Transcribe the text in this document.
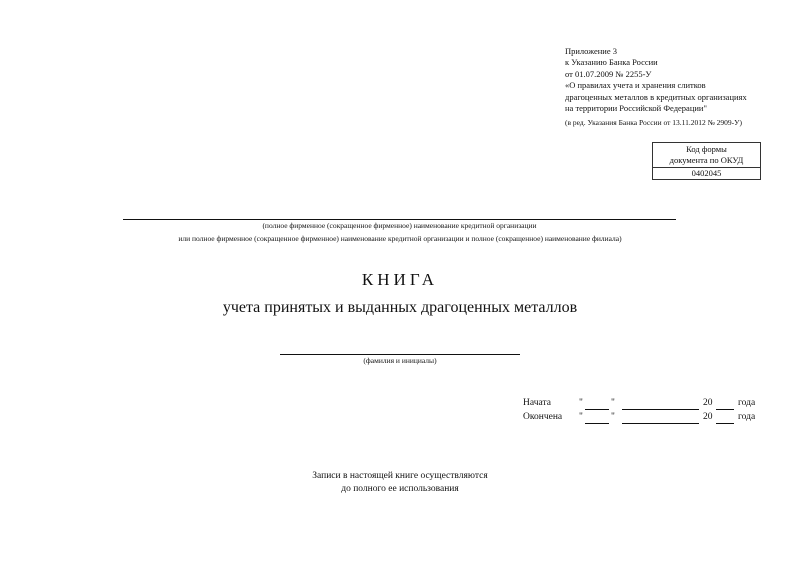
Приложение 3
к Указанию Банка России
от 01.07.2009 № 2255-У
«О правилах учета и хранения слитков
драгоценных металлов в кредитных организациях
на территории Российской Федерации"
(в ред. Указания Банка России от 13.11.2012 № 2909-У)
Код формы
документа по ОКУД

0402045
(полное фирменное (сокращенное фирменное) наименование кредитной организации
или полное фирменное (сокращенное фирменное) наименование кредитной организации и полное (сокращенное) наименование филиала)
КНИГА
учета принятых и выданных драгоценных металлов
(фамилия и инициалы)
Начата	"	"	20	года
Окончена "	"	20	года
Записи в настоящей книге осуществляются
до полного ее использования
